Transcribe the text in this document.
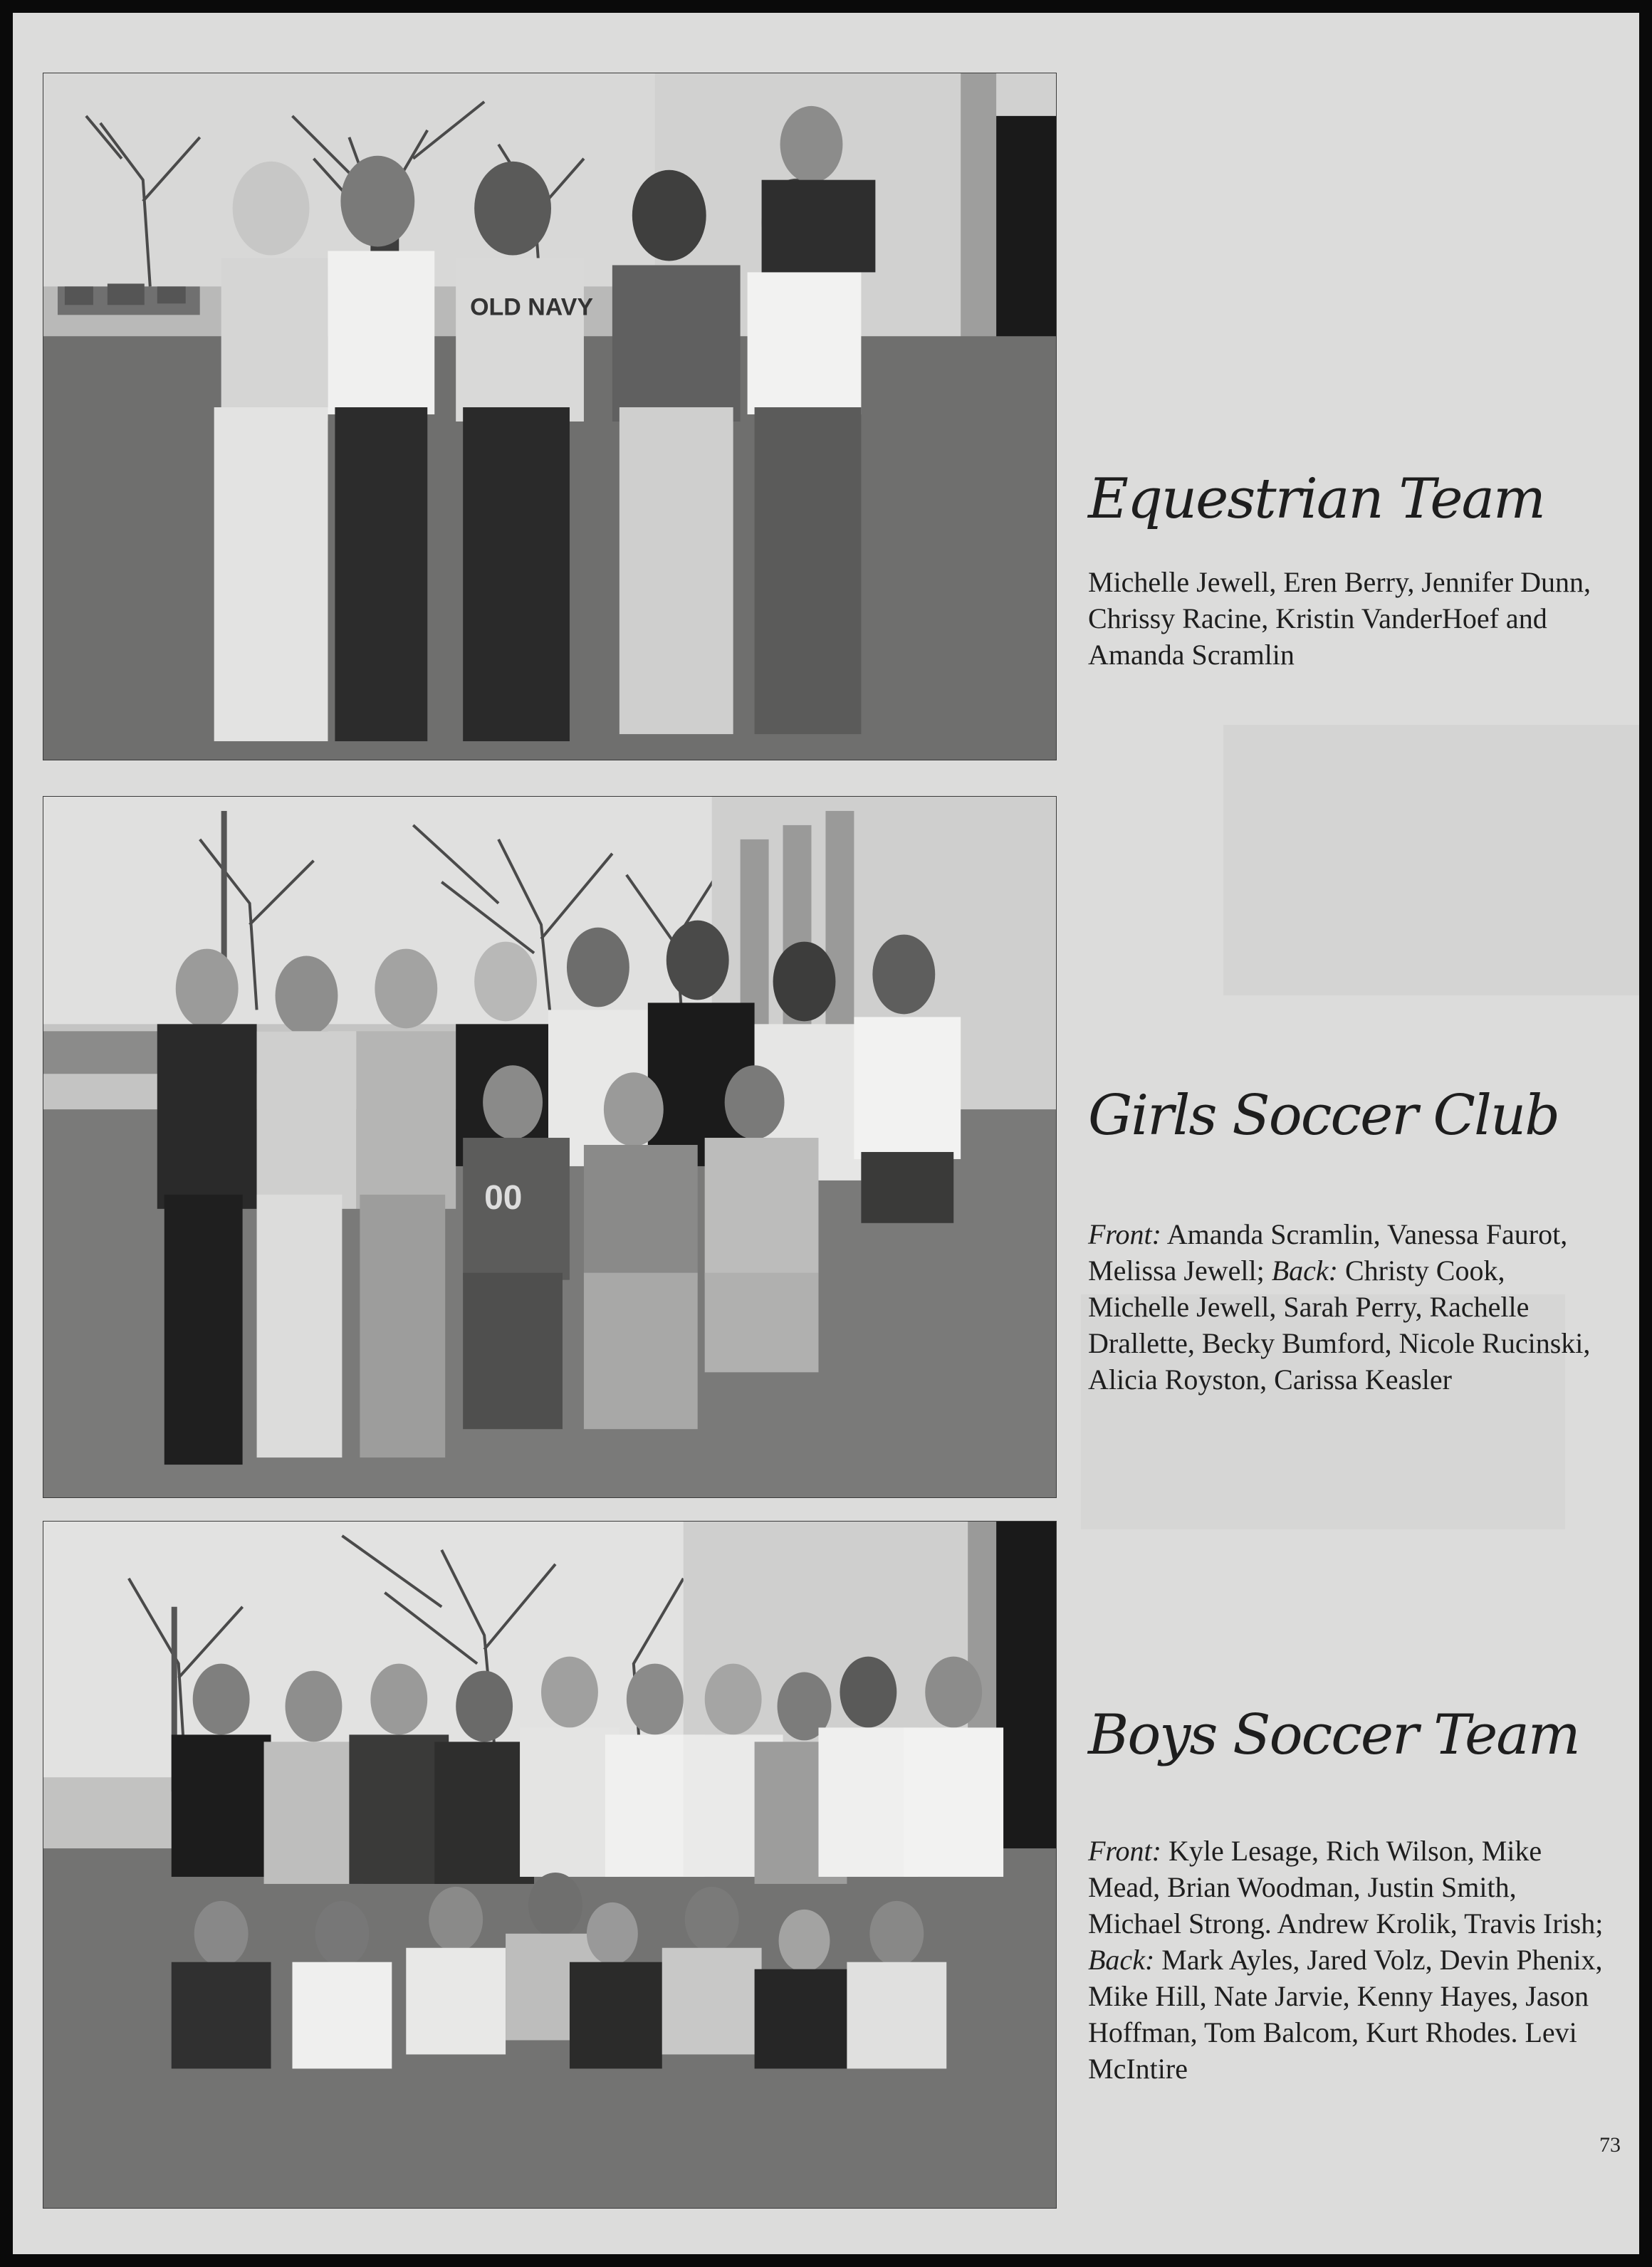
OLD NAVY
Equestrian Team

Michelle Jewell, Eren Berry, Jennifer Dunn, Chrissy Racine, Kristin VanderHoef and Amanda Scramlin

00
Girls Soccer Club

Front: Amanda Scramlin, Vanessa Faurot, Melissa Jewell; Back: Christy Cook, Michelle Jewell, Sarah Perry, Rachelle Drallette, Becky Bumford, Nicole Rucinski, Alicia Royston, Carissa Keasler

Boys Soccer Team

Front: Kyle Lesage, Rich Wilson, Mike Mead, Brian Woodman, Justin Smith, Michael Strong. Andrew Krolik, Travis Irish; Back: Mark Ayles, Jared Volz, Devin Phenix, Mike Hill, Nate Jarvie, Kenny Hayes, Jason Hoffman, Tom Balcom, Kurt Rhodes. Levi McIntire

73
